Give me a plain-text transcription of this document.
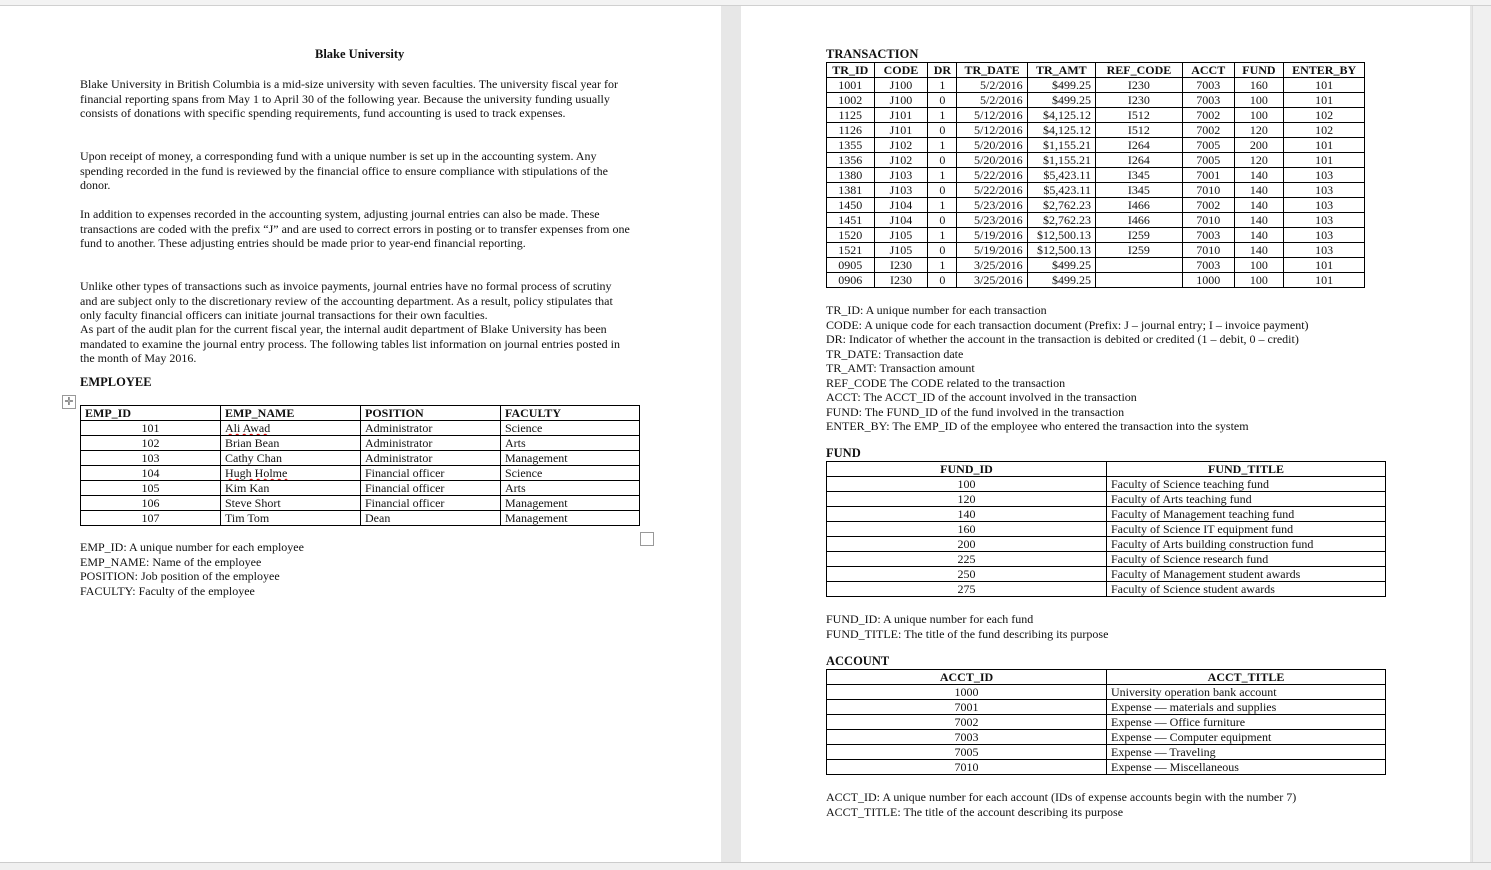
Blake University
Blake University in British Columbia is a mid-size university with seven faculties. The university fiscal year for financial reporting spans from May 1 to April 30 of the following year. Because the university funding usually consists of donations with specific spending requirements, fund accounting is used to track expenses.
Upon receipt of money, a corresponding fund with a unique number is set up in the accounting system. Any spending recorded in the fund is reviewed by the financial office to ensure compliance with stipulations of the donor.
In addition to expenses recorded in the accounting system, adjusting journal entries can also be made. These transactions are coded with the prefix “J” and are used to correct errors in posting or to transfer expenses from one fund to another. These adjusting entries should be made prior to year-end financial reporting.
Unlike other types of transactions such as invoice payments, journal entries have no formal process of scrutiny and are subject only to the discretionary review of the accounting department. As a result, policy stipulates that only faculty financial officers can initiate journal transactions for their own faculties.
As part of the audit plan for the current fiscal year, the internal audit department of Blake University has been mandated to examine the journal entry process. The following tables list information on journal entries posted in the month of May 2016.
EMPLOYEE
✛
EMP_ID	EMP_NAME	POSITION	FACULTY
101	Ali Awad	Administrator	Science
102	Brian Bean	Administrator	Arts
103	Cathy Chan	Administrator	Management
104	Hugh Holme	Financial officer	Science
105	Kim Kan	Financial officer	Arts
106	Steve Short	Financial officer	Management
107	Tim Tom	Dean	Management
EMP_ID: A unique number for each employee
EMP_NAME: Name of the employee
POSITION: Job position of the employee
FACULTY: Faculty of the employee
TRANSACTION
TR_ID	CODE	DR	TR_DATE	TR_AMT	REF_CODE	ACCT	FUND	ENTER_BY
1001	J100	1	5/2/2016	$499.25	I230	7003	160	101
1002	J100	0	5/2/2016	$499.25	I230	7003	100	101
1125	J101	1	5/12/2016	$4,125.12	I512	7002	100	102
1126	J101	0	5/12/2016	$4,125.12	I512	7002	120	102
1355	J102	1	5/20/2016	$1,155.21	I264	7005	200	101
1356	J102	0	5/20/2016	$1,155.21	I264	7005	120	101
1380	J103	1	5/22/2016	$5,423.11	I345	7001	140	103
1381	J103	0	5/22/2016	$5,423.11	I345	7010	140	103
1450	J104	1	5/23/2016	$2,762.23	I466	7002	140	103
1451	J104	0	5/23/2016	$2,762.23	I466	7010	140	103
1520	J105	1	5/19/2016	$12,500.13	I259	7003	140	103
1521	J105	0	5/19/2016	$12,500.13	I259	7010	140	103
0905	I230	1	3/25/2016	$499.25		7003	100	101
0906	I230	0	3/25/2016	$499.25		1000	100	101
TR_ID: A unique number for each transaction
CODE: A unique code for each transaction document (Prefix: J – journal entry; I – invoice payment)
DR: Indicator of whether the account in the transaction is debited or credited (1 – debit, 0 – credit)
TR_DATE: Transaction date
TR_AMT: Transaction amount
REF_CODE The CODE related to the transaction
ACCT: The ACCT_ID of the account involved in the transaction
FUND: The FUND_ID of the fund involved in the transaction
ENTER_BY: The EMP_ID of the employee who entered the transaction into the system
FUND
FUND_ID	FUND_TITLE
100	Faculty of Science teaching fund
120	Faculty of Arts teaching fund
140	Faculty of Management teaching fund
160	Faculty of Science IT equipment fund
200	Faculty of Arts building construction fund
225	Faculty of Science research fund
250	Faculty of Management student awards
275	Faculty of Science student awards
FUND_ID: A unique number for each fund
FUND_TITLE: The title of the fund describing its purpose
ACCOUNT
ACCT_ID	ACCT_TITLE
1000	University operation bank account
7001	Expense — materials and supplies
7002	Expense — Office furniture
7003	Expense — Computer equipment
7005	Expense — Traveling
7010	Expense — Miscellaneous
ACCT_ID: A unique number for each account (IDs of expense accounts begin with the number 7)
ACCT_TITLE: The title of the account describing its purpose
